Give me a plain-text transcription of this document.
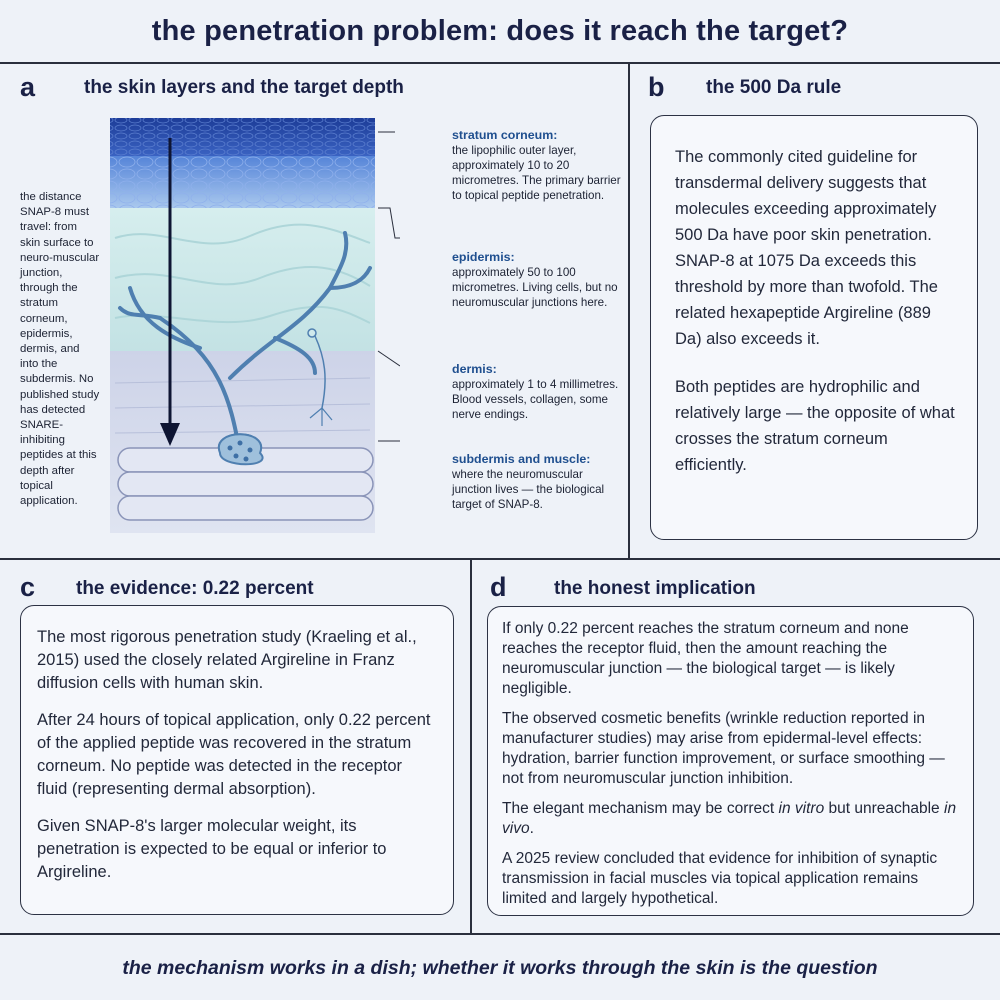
the penetration problem: does it reach the target?
a	the skin layers and the target depth
the distance SNAP-8 must travel: from skin surface to neuro-muscular junction, through the stratum corneum, epidermis, dermis, and into the subdermis. No published study has detected SNARE-inhibiting peptides at this depth after topical application.
stratum corneum:
the lipophilic outer layer, approximately 10 to 20 micrometres. The primary barrier to topical peptide penetration.
epidermis:
approximately 50 to 100 micrometres. Living cells, but no neuromuscular junctions here.
dermis:
approximately 1 to 4 millimetres. Blood vessels, collagen, some nerve endings.
subdermis and muscle:
where the neuromuscular junction lives — the biological target of SNAP-8.
b the 500 Da rule

The commonly cited guideline for transdermal delivery suggests that molecules exceeding approximately 500 Da have poor skin penetration. SNAP-8 at 1075 Da exceeds this threshold by more than twofold. The related hexapeptide Argireline (889 Da) also exceeds it.

Both peptides are hydrophilic and relatively large — the opposite of what crosses the stratum corneum efficiently.

c the evidence: 0.22 percent

The most rigorous penetration study (Kraeling et al., 2015) used the closely related Argireline in Franz diffusion cells with human skin.

After 24 hours of topical application, only 0.22 percent of the applied peptide was recovered in the stratum corneum. No peptide was detected in the receptor fluid (representing dermal absorption).

Given SNAP-8's larger molecular weight, its penetration is expected to be equal or inferior to Argireline.

d	the honest implication

If only 0.22 percent reaches the stratum corneum and none reaches the receptor fluid, then the amount reaching the neuromuscular junction — the biological target — is likely negligible.

The observed cosmetic benefits (wrinkle reduction reported in manufacturer studies) may arise from epidermal-level effects: hydration, barrier function improvement, or surface smoothing — not from neuromuscular junction inhibition.

The elegant mechanism may be correct in vitro but unreachable in vivo.

A 2025 review concluded that evidence for inhibition of synaptic transmission in facial muscles via topical application remains limited and largely hypothetical.

the mechanism works in a dish; whether it works through the skin is the question
